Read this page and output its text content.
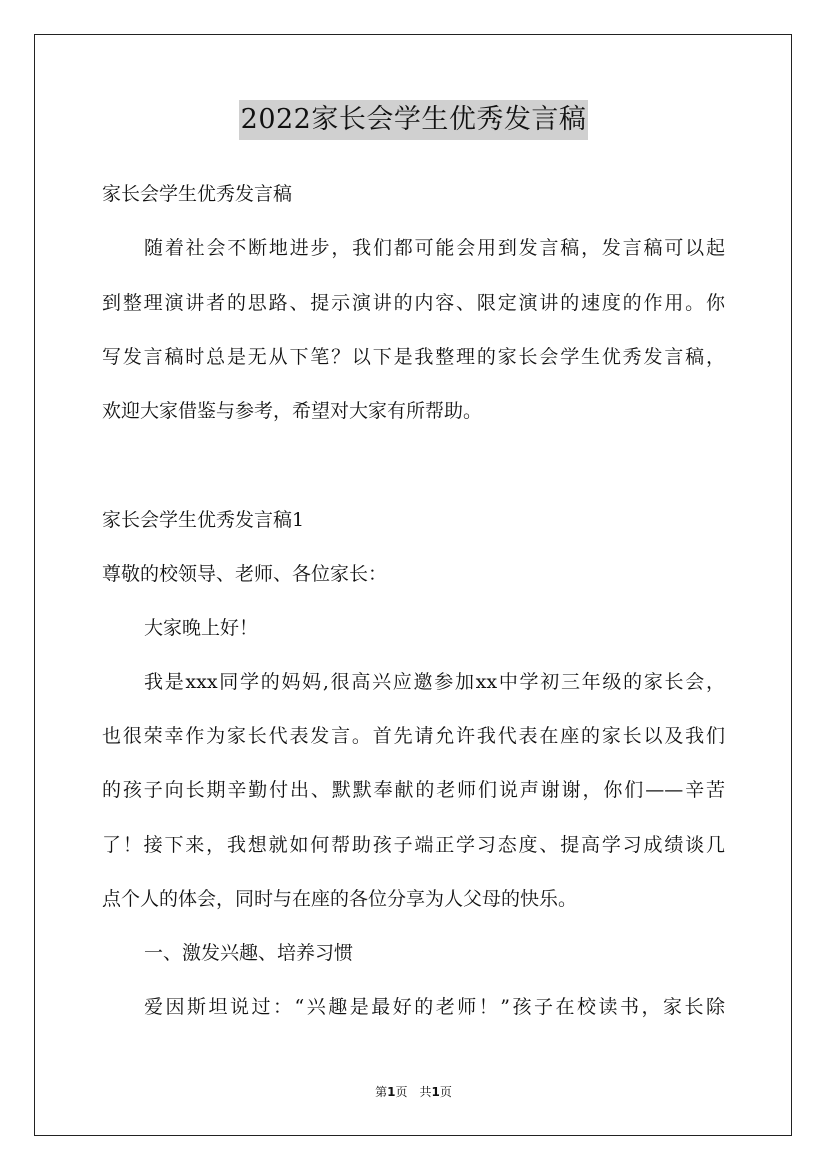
2022家长会学生优秀发言稿
家长会学生优秀发言稿
随着社会不断地进步，我们都可能会用到发言稿，发言稿可以起
到整理演讲者的思路、提示演讲的内容、限定演讲的速度的作用。你
写发言稿时总是无从下笔？以下是我整理的家长会学生优秀发言稿，
欢迎大家借鉴与参考，希望对大家有所帮助。
家长会学生优秀发言稿1
尊敬的校领导、老师、各位家长：
大家晚上好！
我是xxx同学的妈妈,很高兴应邀参加xx中学初三年级的家长会，
也很荣幸作为家长代表发言。首先请允许我代表在座的家长以及我们
的孩子向长期辛勤付出、默默奉献的老师们说声谢谢，你们——辛苦
了！接下来，我想就如何帮助孩子端正学习态度、提高学习成绩谈几
点个人的体会，同时与在座的各位分享为人父母的快乐。
一、激发兴趣、培养习惯
爱因斯坦说过：“兴趣是最好的老师！”孩子在校读书，家长除
第1页　共1页
